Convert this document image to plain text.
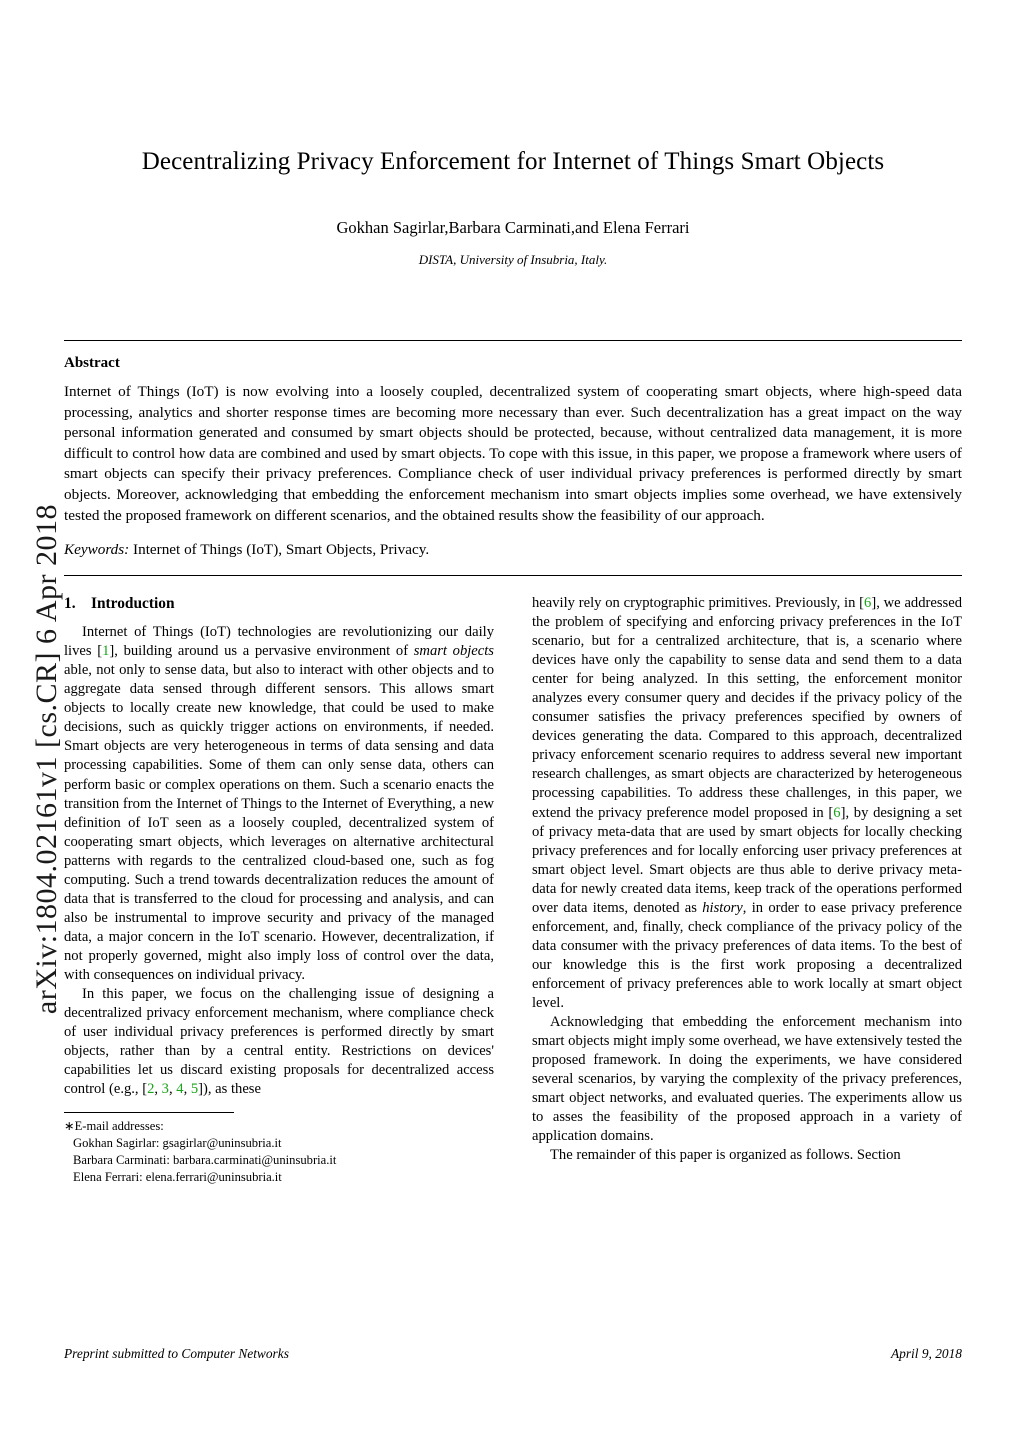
arXiv:1804.02161v1 [cs.CR] 6 Apr 2018
Decentralizing Privacy Enforcement for Internet of Things Smart Objects
Gokhan Sagirlar,Barbara Carminati,and Elena Ferrari
DISTA, University of Insubria, Italy.
Abstract
Internet of Things (IoT) is now evolving into a loosely coupled, decentralized system of cooperating smart objects, where high-speed data processing, analytics and shorter response times are becoming more necessary than ever. Such decentralization has a great impact on the way personal information generated and consumed by smart objects should be protected, because, without centralized data management, it is more difficult to control how data are combined and used by smart objects. To cope with this issue, in this paper, we propose a framework where users of smart objects can specify their privacy preferences. Compliance check of user individual privacy preferences is performed directly by smart objects. Moreover, acknowledging that embedding the enforcement mechanism into smart objects implies some overhead, we have extensively tested the proposed framework on different scenarios, and the obtained results show the feasibility of our approach.
Keywords: Internet of Things (IoT), Smart Objects, Privacy.
1. Introduction

Internet of Things (IoT) technologies are revolutionizing our daily lives [1], building around us a pervasive environment of smart objects able, not only to sense data, but also to interact with other objects and to aggregate data sensed through different sensors. This allows smart objects to locally create new knowledge, that could be used to make decisions, such as quickly trigger actions on environments, if needed. Smart objects are very heterogeneous in terms of data sensing and data processing capabilities. Some of them can only sense data, others can perform basic or complex operations on them. Such a scenario enacts the transition from the Internet of Things to the Internet of Everything, a new definition of IoT seen as a loosely coupled, decentralized system of cooperating smart objects, which leverages on alternative architectural patterns with regards to the centralized cloud-based one, such as fog computing. Such a trend towards decentralization reduces the amount of data that is transferred to the cloud for processing and analysis, and can also be instrumental to improve security and privacy of the managed data, a major concern in the IoT scenario. However, decentralization, if not properly governed, might also imply loss of control over the data, with consequences on individual privacy.

In this paper, we focus on the challenging issue of designing a decentralized privacy enforcement mechanism, where compliance check of user individual privacy preferences is performed directly by smart objects, rather than by a central entity. Restrictions on devices' capabilities let us discard existing proposals for decentralized access control (e.g., [2, 3, 4, 5]), as these

∗E-mail addresses:
Gokhan Sagirlar: gsagirlar@uninsubria.it
Barbara Carminati: barbara.carminati@uninsubria.it
Elena Ferrari: elena.ferrari@uninsubria.it

heavily rely on cryptographic primitives. Previously, in [6], we addressed the problem of specifying and enforcing privacy preferences in the IoT scenario, but for a centralized architecture, that is, a scenario where devices have only the capability to sense data and send them to a data center for being analyzed. In this setting, the enforcement monitor analyzes every consumer query and decides if the privacy policy of the consumer satisfies the privacy preferences specified by owners of devices generating the data. Compared to this approach, decentralized privacy enforcement scenario requires to address several new important research challenges, as smart objects are characterized by heterogeneous processing capabilities. To address these challenges, in this paper, we extend the privacy preference model proposed in [6], by designing a set of privacy meta-data that are used by smart objects for locally checking privacy preferences and for locally enforcing user privacy preferences at smart object level. Smart objects are thus able to derive privacy meta-data for newly created data items, keep track of the operations performed over data items, denoted as history, in order to ease privacy preference enforcement, and, finally, check compliance of the privacy policy of the data consumer with the privacy preferences of data items. To the best of our knowledge this is the first work proposing a decentralized enforcement of privacy preferences able to work locally at smart object level.

Acknowledging that embedding the enforcement mechanism into smart objects might imply some overhead, we have extensively tested the proposed framework. In doing the experiments, we have considered several scenarios, by varying the complexity of the privacy preferences, smart object networks, and evaluated queries. The experiments allow us to asses the feasibility of the proposed approach in a variety of application domains.

The remainder of this paper is organized as follows. Section

Preprint submitted to Computer Networks	April 9, 2018
